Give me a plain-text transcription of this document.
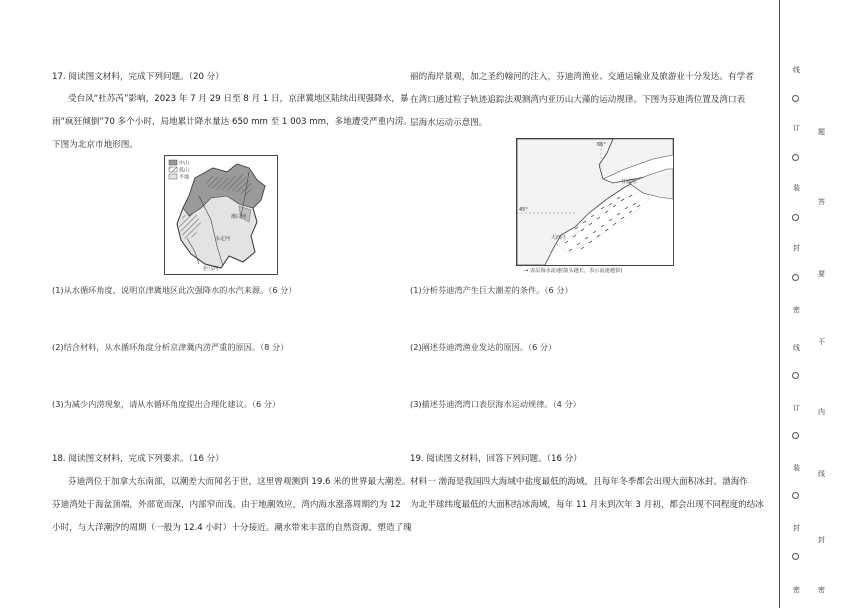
17. 阅读图文材料，完成下列问题。（20 分）
受台风“杜苏芮”影响，2023 年 7 月 29 日至 8 月 1 日，京津冀地区陆续出现强降水，暴
雨“疯狂倾倒”70 多个小时，局地累计降水量达 650 mm 至 1 003 mm，多地遭受严重内涝。
下图为北京市地形图。
中山
低山
平地
潮白河
永定河
拒马河
(1)从水循环角度，说明京津冀地区此次强降水的水汽来源。（6 分）
(2)结合材料，从水循环角度分析京津冀内涝严重的原因。（8 分）
(3)为减少内涝现象，请从水循环角度提出合理化建议。（6 分）
18. 阅读图文材料，完成下列要求。（16 分）
芬迪湾位于加拿大东南部，以潮差大而闻名于世，这里曾观测到 19.6 米的世界最大潮差。
芬迪湾处于海盆顶端，外部宽而深，内部窄而浅。由于地潮效应，湾内海水涨落周期约为 12
小时，与大洋潮汐的周期（一般为 12.4 小时）十分接近。潮水带来丰富的自然资源，塑造了瑰
丽的海岸景观，加之圣约翰河的注入，芬迪湾渔业、交通运输业及旅游业十分发达。有学者
在湾口通过粒子轨迹追踪法观测湾内亚历山大藻的运动规律。下图为芬迪湾位置及湾口表
层海水运动示意图。
66°
45°
芬迪湾
大西洋
→ 表层海水流速(箭头越长，表示流速越快)
(1)分析芬迪湾产生巨大潮差的条件。（6 分）
(2)阐述芬迪湾渔业发达的原因。（6 分）
(3)描述芬迪湾湾口表层海水运动规律。（4 分）
19. 阅读图文材料，回答下列问题。（16 分）
材料一 渤海是我国四大海域中盐度最低的海域，且每年冬季都会出现大面积冰封。渤海作
为北半球纬度最低的大面积结冰海域，每年 11 月末到次年 3 月初，都会出现不同程度的结冰
线
题
订
答
装
要
封
不
密
内
线
线
订
封
装
密
封
密
